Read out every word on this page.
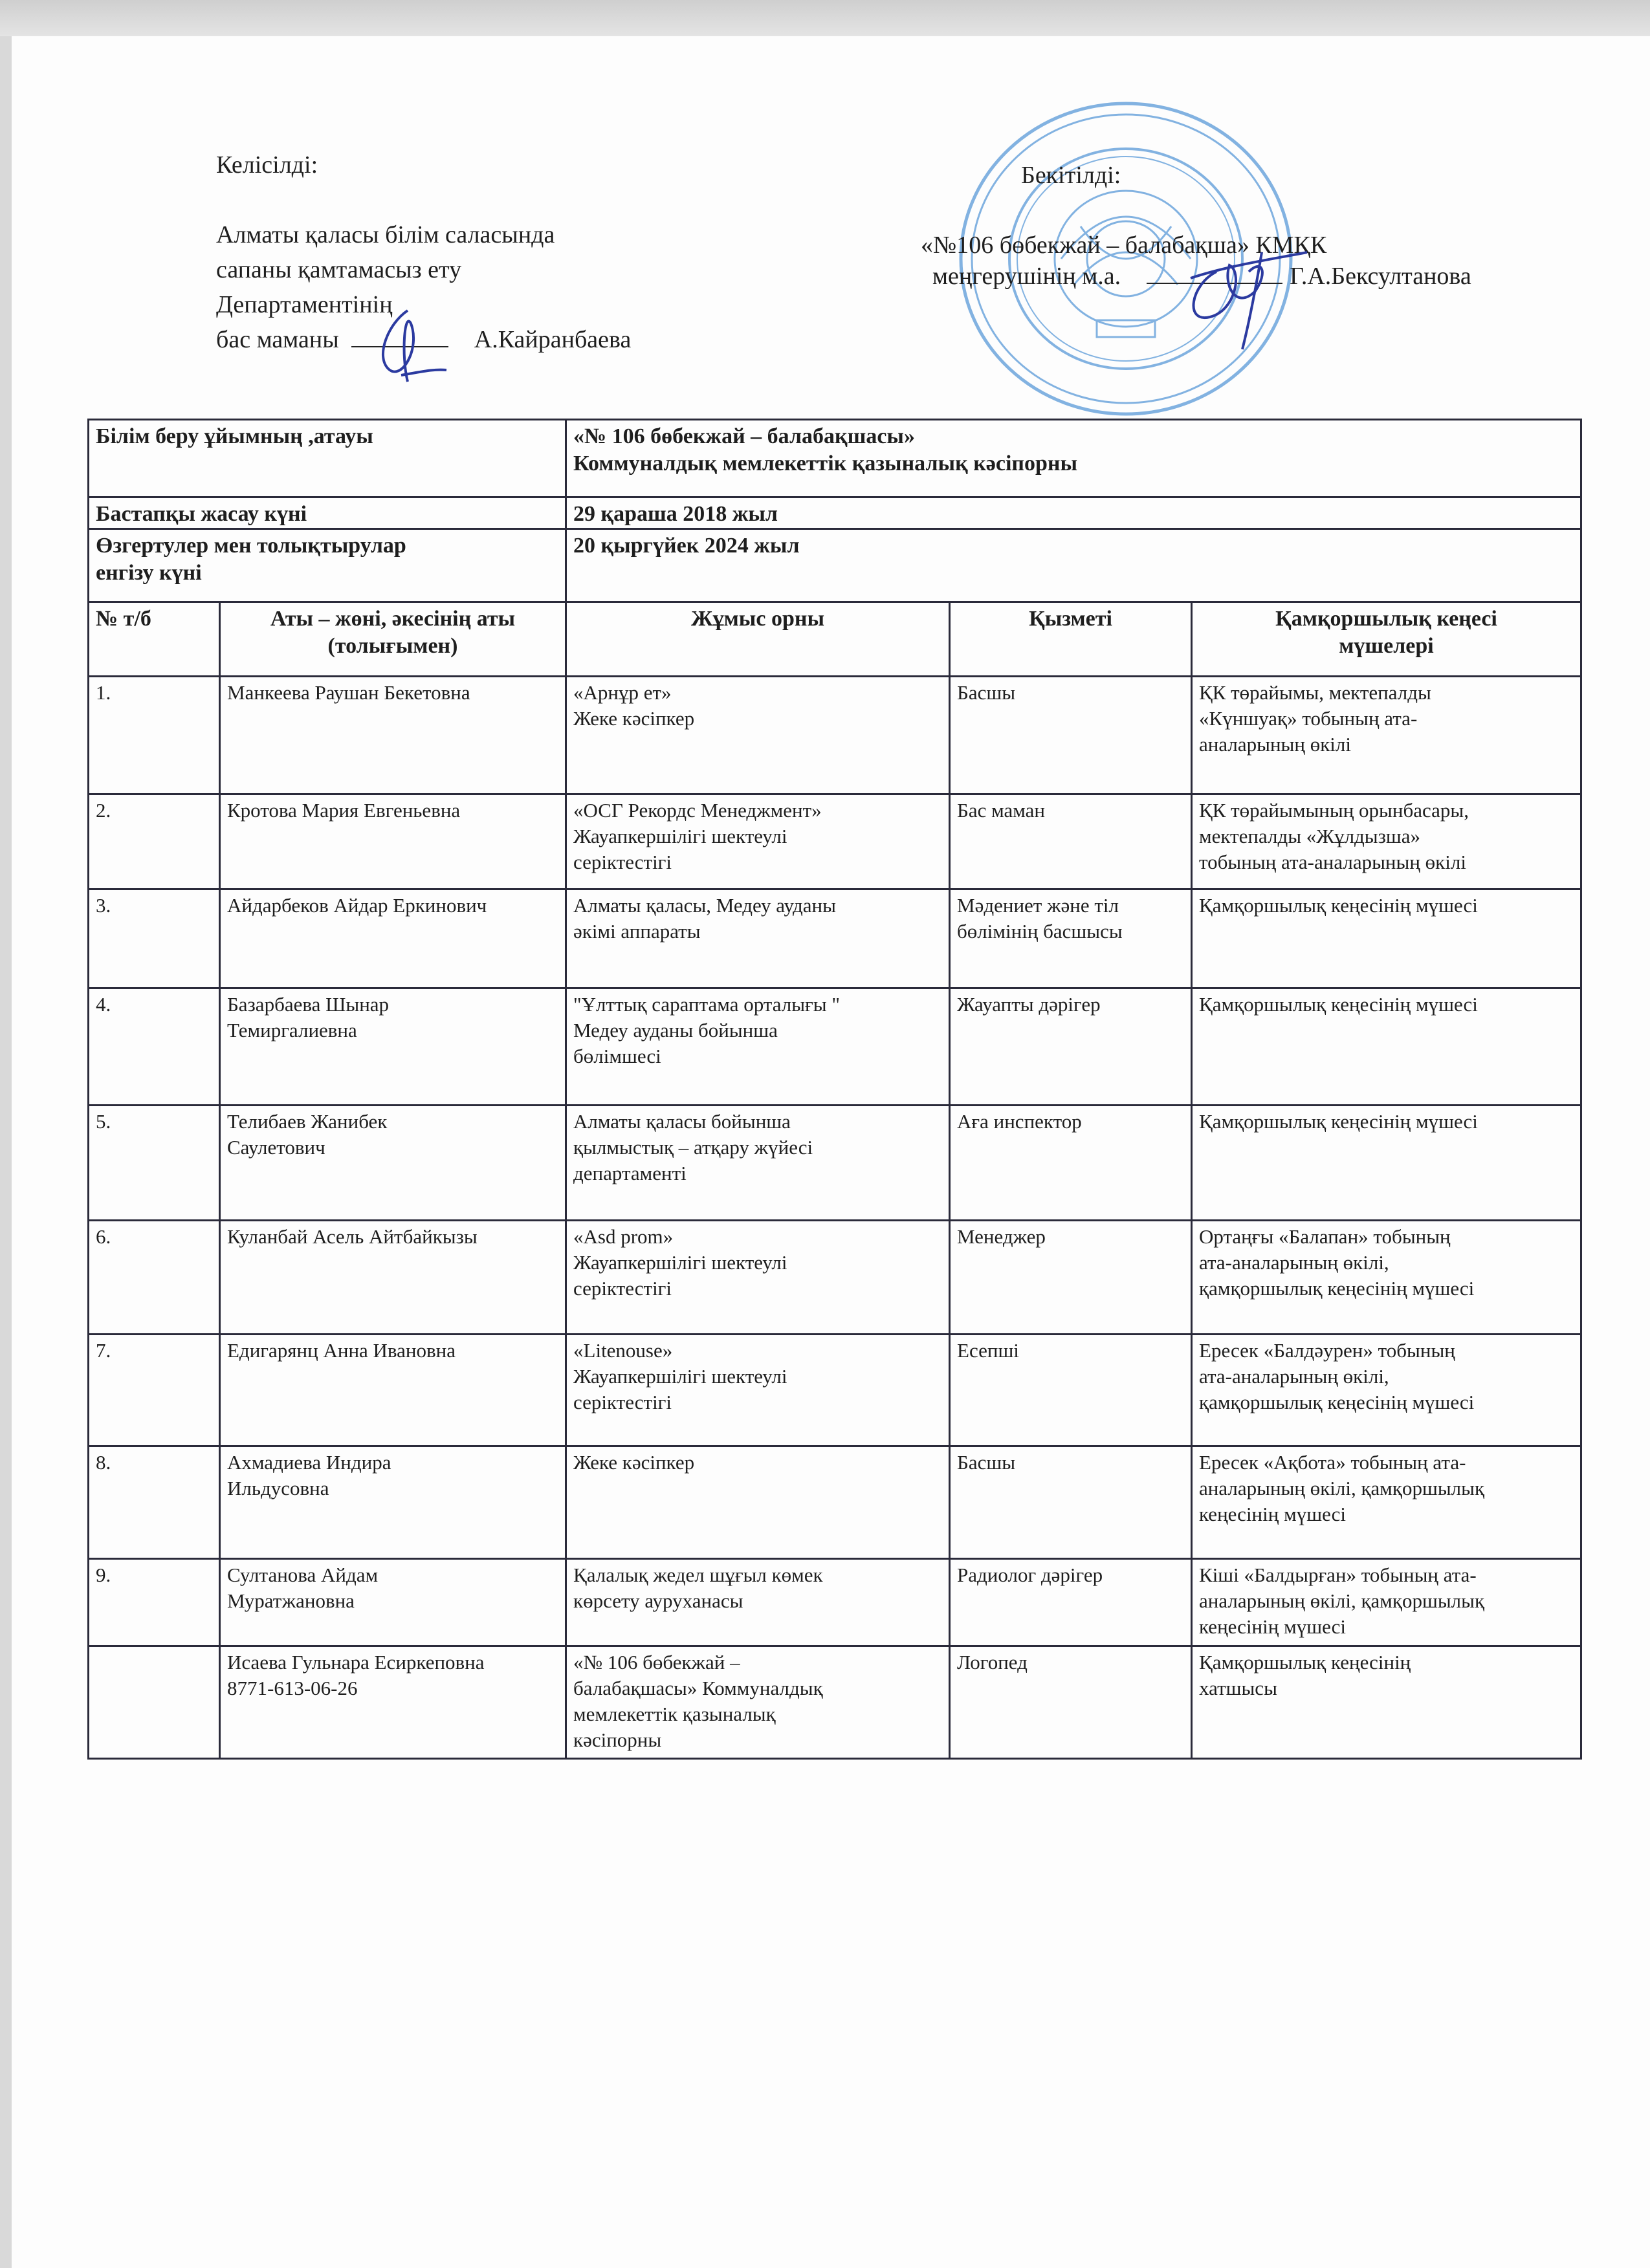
Келісілді:
Алматы қаласы білім саласында
сапаны қамтамасыз ету
Департаментінің
бас маманы	А.Кайранбаева
Бекітілді:
«№106 бөбекжай – балабақша» КМҚК
меңгерушінің м.а.	Г.А.Бексултанова
Білім беру ұйымның ,атауы		«№ 106 бөбекжай – балабақшасы»
Коммуналдық мемлекеттік қазыналық кәсіпорны		
Бастапқы жасау күні		29 қараша 2018 жыл		
Өзгертулер мен толықтырулар
енгізу күні		20 қыргүйек 2024 жыл		
№ т/б	Аты – жөні, әкесінің аты
(толығымен)	Жұмыс орны	Қызметі	Қамқоршылық кеңесі
мүшелері
1.	Манкеева Раушан Бекетовна	«Арнұр ет»
Жеке кәсіпкер	Басшы	ҚК төрайымы, мектепалды
«Күншуақ» тобының ата-
аналарының өкілі
2.	Кротова Мария Евгеньевна	«ОСГ Рекордс Менеджмент»
Жауапкершілігі шектеулі
серіктестігі	Бас маман	ҚК төрайымының орынбасары,
мектепалды «Жұлдызша»
тобының ата-аналарының өкілі
3.	Айдарбеков Айдар Еркинович	Алматы қаласы, Медеу ауданы
әкімі аппараты	Мәдениет және тіл
бөлімінің басшысы	Қамқоршылық кеңесінің мүшесі
4.	Базарбаева Шынар
Темиргалиевна	"Ұлттық сараптама орталығы "
Медеу ауданы бойынша
бөлімшесі	Жауапты дәрігер	Қамқоршылық кеңесінің мүшесі
5.	Телибаев Жанибек
Саулетович	Алматы қаласы бойынша
қылмыстық – атқару жүйесі
департаменті	Аға инспектор	Қамқоршылық кеңесінің мүшесі
6.	Куланбай Асель Айтбайкызы	«Asd prom»
Жауапкершілігі шектеулі
серіктестігі	Менеджер	Ортаңғы «Балапан» тобының
ата-аналарының өкілі,
қамқоршылық кеңесінің мүшесі
7.	Едигарянц Анна Ивановна	«Litenouse»
Жауапкершілігі шектеулі
серіктестігі	Есепші	Ересек «Балдәурен» тобының
ата-аналарының өкілі,
қамқоршылық кеңесінің мүшесі
8.	Ахмадиева Индира
Ильдусовна	Жеке кәсіпкер	Басшы	Ересек «Ақбота» тобының ата-
аналарының өкілі, қамқоршылық
кеңесінің мүшесі
9.	Султанова Айдам
Муратжановна	Қалалық жедел шұғыл көмек
көрсету ауруханасы	Радиолог дәрігер	Кіші «Балдырған» тобының ата-
аналарының өкілі, қамқоршылық
кеңесінің мүшесі
	Исаева Гульнара Есиркеповна
8771-613-06-26	«№ 106 бөбекжай –
балабақшасы» Коммуналдық
мемлекеттік қазыналық
кәсіпорны	Логопед	Қамқоршылық кеңесінің
хатшысы
